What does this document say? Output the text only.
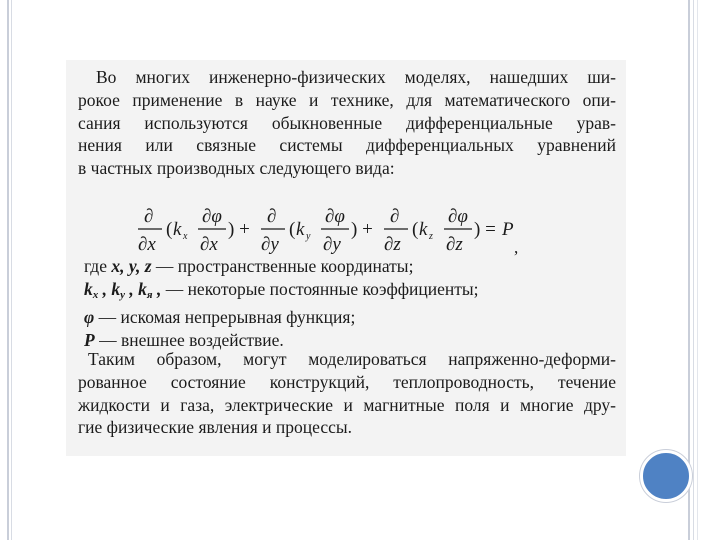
Во многих инженерно-физических моделях, нашедших ши-
рокое применение в науке и технике, для математического опи-
сания используются обыкновенные дифференциальные урав-
нения или связные системы дифференциальных уравнений
в частных производных следующего вида:
∂
∂x
( k x
∂φ
∂x
) +
∂
∂y
( k y
∂φ
∂y
) +
∂
∂z
( k z
∂φ
∂z
) = P
,
где x, y, z — пространственные координаты;
$k_x$ , $k_y$ , $k_я$ , — некоторые постоянные коэффициенты;
φ — искомая непрерывная функция;
P — внешнее воздействие.
Таким образом, могут моделироваться напряженно-деформи-
рованное состояние конструкций, теплопроводность, течение
жидкости и газа, электрические и магнитные поля и многие дру-
гие физические явления и процессы.
